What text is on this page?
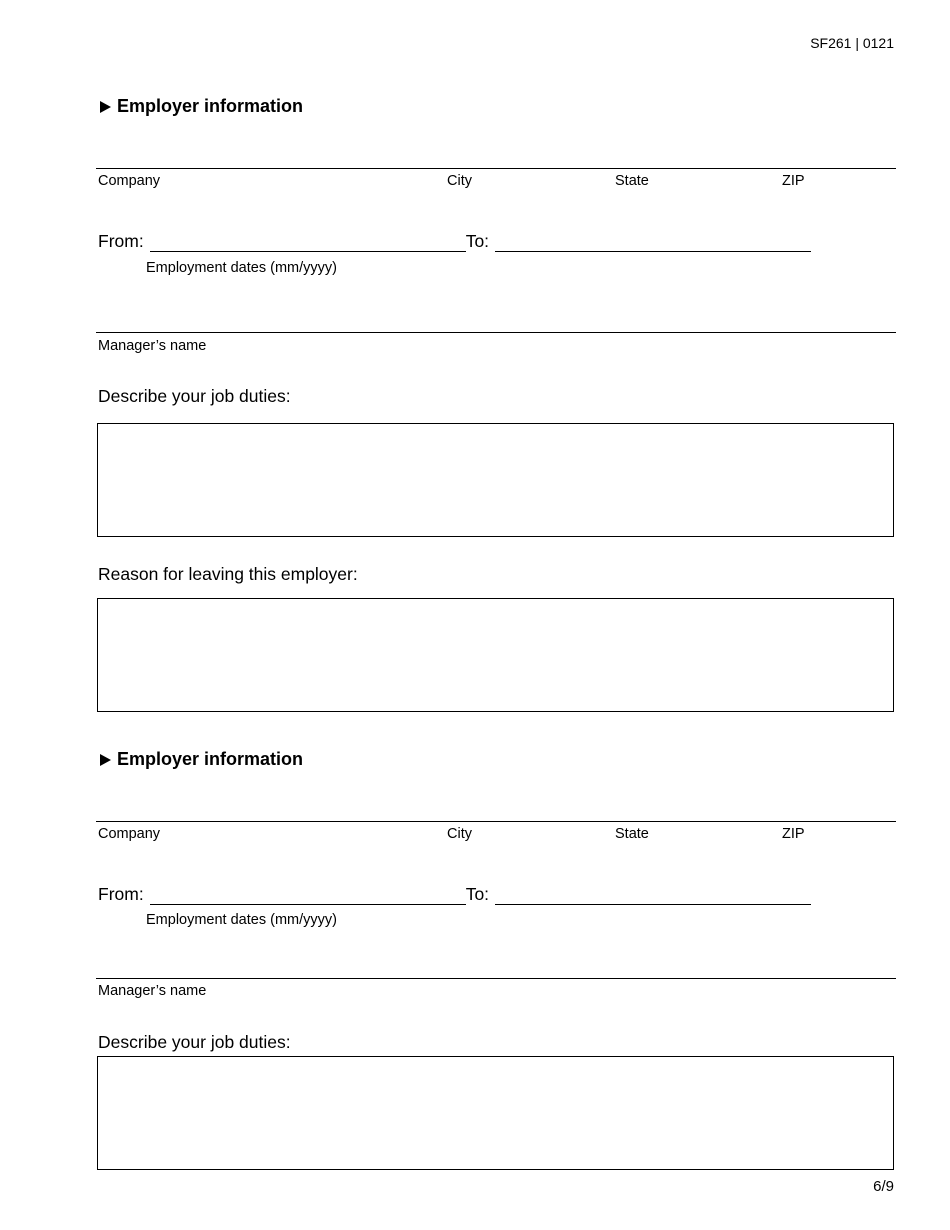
SF261 | 0121
Employer information
Company	City	State	ZIP
From:	To:
Employment dates (mm/yyyy)
Manager’s name
Describe your job duties:
Reason for leaving this employer:
Employer information
Company	City	State	ZIP
From:	To:
Employment dates (mm/yyyy)
Manager’s name
Describe your job duties:
6/9
